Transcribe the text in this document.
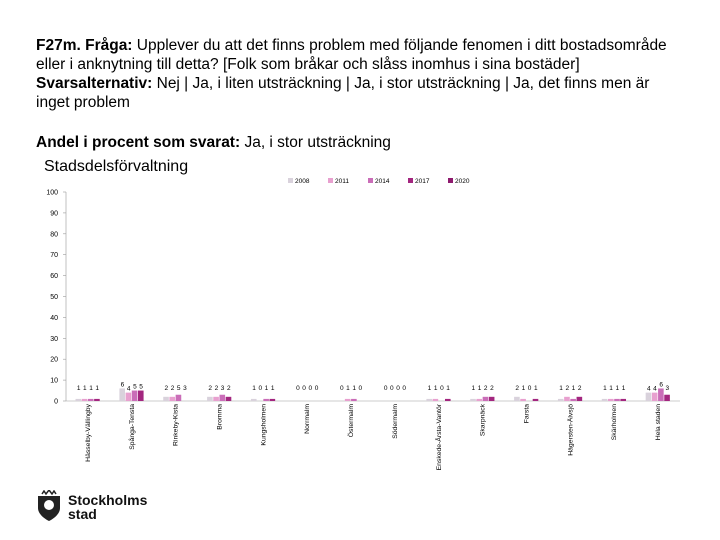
F27m. Fråga: Upplever du att det finns problem med följande fenomen i ditt bostadsområde eller i anknytning till detta? [Folk som bråkar och slåss inomhus i sina bostäder] Svarsalternativ: Nej | Ja, i liten utsträckning | Ja, i stor utsträckning | Ja, det finns men är inget problem
Andel i procent som svarat: Ja, i stor utsträckning
Stadsdelsförvaltning
0
10
20
30
40
50
60
70
80
90
100
2008	2011	2014	2017	2020
1 1 1 1
Hässelby-Vällingby
6
4 5 5
Spånga-Tensta
2 2 5 3
Rinkeby-Kista
2 2 3 2
Bromma
1 0 1 1
Kungsholmen
0 0 0 0
Norrmalm
0 1 1 0
Östermalm
0 0 0 0
Södermalm
1 1 0 1
Enskede-Årsta-Vantör
1 1 2 2
Skarpnäck
2 1 0 1
Farsta
1 2 1 2
Hägersten-Älvsjö
1 1 1 1
Skärholmen
4 4
6
3
Hela staden
Stockholms
stad
